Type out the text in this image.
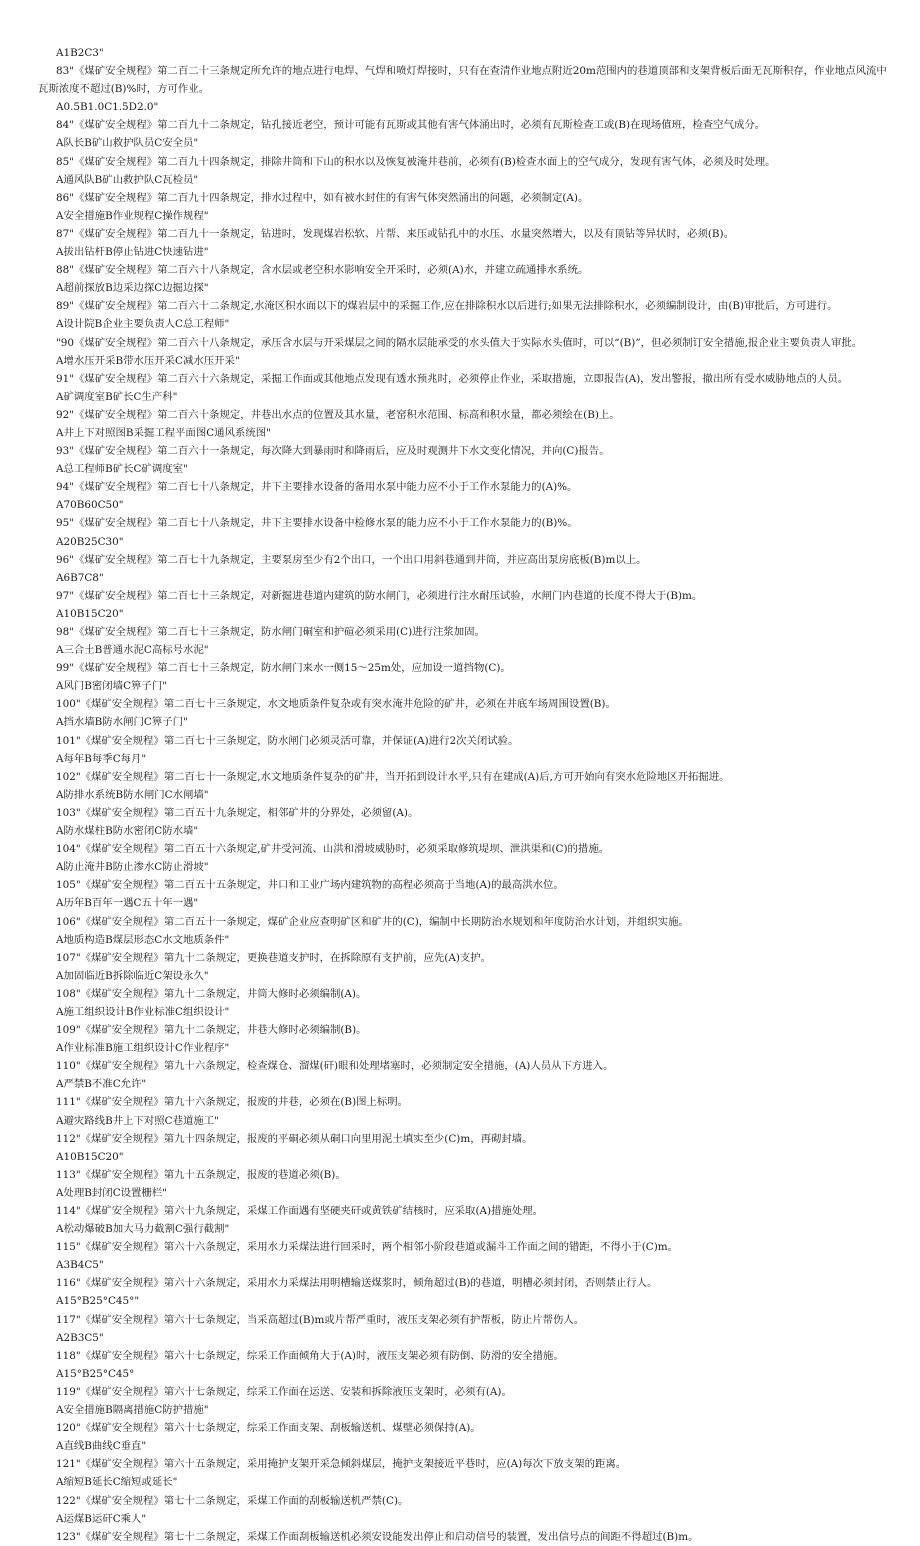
A1B2C3"

83"《煤矿安全规程》第二百二十三条规定所允许的地点进行电焊、气焊和喷灯焊接时，只有在查清作业地点附近20m范围内的巷道顶部和支架背板后面无瓦斯积存，作业地点风流中瓦斯浓度不超过(B)%时，方可作业。

A0.5B1.0C1.5D2.0"

84"《煤矿安全规程》第二百九十二条规定，钻孔接近老空，预计可能有瓦斯或其他有害气体涌出时，必须有瓦斯检查工或(B)在现场值班，检查空气成分。

A队长B矿山救护队员C安全员"

85"《煤矿安全规程》第二百九十四条规定，排除井筒和下山的积水以及恢复被淹井巷前，必须有(B)检查水面上的空气成分，发现有害气体，必须及时处理。

A通风队B矿山救护队C瓦检员"

86"《煤矿安全规程》第二百九十四条规定，排水过程中，如有被水封住的有害气体突然涌出的问题，必须制定(A)。

A安全措施B作业规程C操作规程"

87"《煤矿安全规程》第二百九十一条规定，钻进时，发现煤岩松软、片帮、来压或钻孔中的水压、水量突然增大，以及有顶钻等异状时，必须(B)。

A拔出钻杆B停止钻进C快速钻进"

88"《煤矿安全规程》第二百六十八条规定，含水层或老空积水影响安全开采时，必须(A)水，并建立疏通排水系统。

A超前探放B边采边探C边掘边探"

89"《煤矿安全规程》第二百六十二条规定,水淹区积水面以下的煤岩层中的采掘工作,应在排除积水以后进行;如果无法排除积水，必须编制设计，由(B)审批后，方可进行。

A设计院B企业主要负责人C总工程师"

"90《煤矿安全规程》第二百六十八条规定，承压含水层与开采煤层之间的隔水层能承受的水头值大于实际水头值时，可以“(B)”，但必须制订安全措施,报企业主要负责人审批。

A增水压开采B带水压开采C减水压开采"

91"《煤矿安全规程》第二百六十六条规定，采掘工作面或其他地点发现有透水预兆时，必须停止作业，采取措施，立即报告(A)，发出警报，撤出所有受水威胁地点的人员。

A矿调度室B矿长C生产科"

92"《煤矿安全规程》第二百六十条规定，井巷出水点的位置及其水量，老窑积水范围、标高和积水量，都必须绘在(B)上。

A井上下对照图B采掘工程平面图C通风系统图"

93"《煤矿安全规程》第二百六十一条规定，每次降大到暴雨时和降雨后，应及时观测井下水文变化情况，并向(C)报告。

A总工程师B矿长C矿调度室"

94"《煤矿安全规程》第二百七十八条规定，井下主要排水设备的备用水泵中能力应不小于工作水泵能力的(A)%。

A70B60C50"

95"《煤矿安全规程》第二百七十八条规定，井下主要排水设备中检修水泵的能力应不小于工作水泵能力的(B)%。

A20B25C30"

96"《煤矿安全规程》第二百七十九条规定，主要泵房至少有2个出口，一个出口用斜巷通到井筒，并应高出泵房底板(B)m以上。

A6B7C8"

97"《煤矿安全规程》第二百七十三条规定，对新掘进巷道内建筑的防水闸门，必须进行注水耐压试验，水闸门内巷道的长度不得大于(B)m。

A10B15C20"

98"《煤矿安全规程》第二百七十三条规定，防水闸门硐室和护碹必须采用(C)进行注浆加固。

A三合土B普通水泥C高标号水泥"

99"《煤矿安全规程》第二百七十三条规定，防水闸门来水一侧15～25m处，应加设一道挡物(C)。

A风门B密闭墙C箅子门"

100"《煤矿安全规程》第二百七十三条规定，水文地质条件复杂或有突水淹井危险的矿井，必须在井底车场周围设置(B)。

A挡水墙B防水闸门C箅子门"

101"《煤矿安全规程》第二百七十三条规定，防水闸门必须灵活可靠，并保证(A)进行2次关闭试验。

A每年B每季C每月"

102"《煤矿安全规程》第二百七十一条规定,水文地质条件复杂的矿井，当开拓到设计水平,只有在建成(A)后,方可开始向有突水危险地区开拓掘进。

A防排水系统B防水闸门C水闸墙"

103"《煤矿安全规程》第二百五十九条规定，相邻矿井的分界处，必须留(A)。

A防水煤柱B防水密闭C防水墙"

104"《煤矿安全规程》第二百五十六条规定,矿井受河流、山洪和滑坡威胁时，必须采取修筑堤坝、泄洪渠和(C)的措施。

A防止淹井B防止渗水C防止滑坡"

105"《煤矿安全规程》第二百五十五条规定，井口和工业广场内建筑物的高程必须高于当地(A)的最高洪水位。

A历年B百年一遇C五十年一遇"

106"《煤矿安全规程》第二百五十一条规定，煤矿企业应查明矿区和矿井的(C)，编制中长期防治水规划和年度防治水计划，并组织实施。

A地质构造B煤层形态C水文地质条件"

107"《煤矿安全规程》第九十二条规定，更换巷道支护时，在拆除原有支护前，应先(A)支护。

A加固临近B拆除临近C架设永久"

108"《煤矿安全规程》第九十二条规定，井筒大修时必须编制(A)。

A施工组织设计B作业标准C组织设计"

109"《煤矿安全规程》第九十二条规定，井巷大修时必须编制(B)。

A作业标准B施工组织设计C作业程序"

110"《煤矿安全规程》第九十六条规定，检查煤仓、溜煤(矸)眼和处理堵塞时，必须制定安全措施，(A)人员从下方进入。

A严禁B不准C允许"

111"《煤矿安全规程》第九十六条规定，报废的井巷，必须在(B)图上标明。

A避灾路线B井上下对照C巷道施工"

112"《煤矿安全规程》第九十四条规定，报废的平硐必须从硐口向里用泥土填实至少(C)m，再砌封墙。

A10B15C20"

113"《煤矿安全规程》第九十五条规定，报废的巷道必须(B)。

A处理B封闭C设置栅栏"

114"《煤矿安全规程》第六十九条规定，采煤工作面遇有坚硬夹矸或黄铁矿结核时，应采取(A)措施处理。

A松动爆破B加大马力截割C强行截割"

115"《煤矿安全规程》第六十六条规定，采用水力采煤法进行回采时，两个相邻小阶段巷道或漏斗工作面之间的错距，不得小于(C)m。

A3B4C5"

116"《煤矿安全规程》第六十六条规定，采用水力采煤法用明槽输送煤浆时，倾角超过(B)的巷道，明槽必须封闭，否则禁止行人。

A15°B25°C45°"

117"《煤矿安全规程》第六十七条规定，当采高超过(B)m或片帮严重时，液压支架必须有护帮板，防止片帮伤人。

A2B3C5"

118"《煤矿安全规程》第六十七条规定，综采工作面倾角大于(A)时，液压支架必须有防倒、防滑的安全措施。

A15°B25°C45°

119"《煤矿安全规程》第六十七条规定，综采工作面在运送、安装和拆除液压支架时，必须有(A)。

A安全措施B隔离措施C防护措施"

120"《煤矿安全规程》第六十七条规定，综采工作面支架、刮板输送机、煤壁必须保持(A)。

A直线B曲线C垂直"

121"《煤矿安全规程》第六十五条规定，采用掩护支架开采急倾斜煤层，掩护支架接近平巷时，应(A)每次下放支架的距离。

A缩短B延长C缩短或延长"

122"《煤矿安全规程》第七十二条规定，采煤工作面的刮板输送机严禁(C)。

A运煤B运矸C乘人"

123"《煤矿安全规程》第七十二条规定，采煤工作面刮板输送机必须安设能发出停止和启动信号的装置，发出信号点的间距不得超过(B)m。
